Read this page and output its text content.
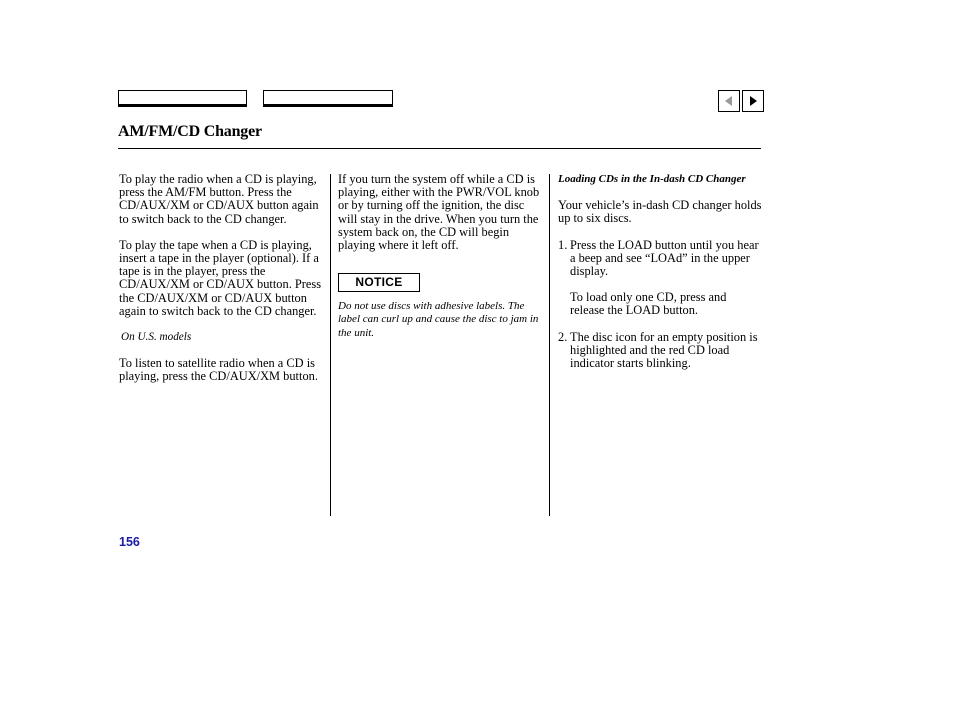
AM/FM/CD Changer

To play the radio when a CD is playing, press the AM/FM button. Press the CD/AUX/XM or CD/AUX button again to switch back to the CD changer.

To play the tape when a CD is playing, insert a tape in the player (optional). If a tape is in the player, press the CD/AUX/XM or CD/AUX button. Press the CD/AUX/XM or CD/AUX button again to switch back to the CD changer.

On U.S. models

To listen to satellite radio when a CD is playing, press the CD/AUX/XM button.

If you turn the system off while a CD is playing, either with the PWR/VOL knob or by turning off the ignition, the disc will stay in the drive. When you turn the system back on, the CD will begin playing where it left off.

NOTICE

Do not use discs with adhesive labels. The label can curl up and cause the disc to jam in the unit.

Loading CDs in the In-dash CD Changer

Your vehicle’s in-dash CD changer holds up to six discs.

1. Press the LOAD button until you hear a beep and see “LOAd” in the upper display.

To load only one CD, press and release the LOAD button.

2. The disc icon for an empty position is highlighted and the red CD load indicator starts blinking.
156
